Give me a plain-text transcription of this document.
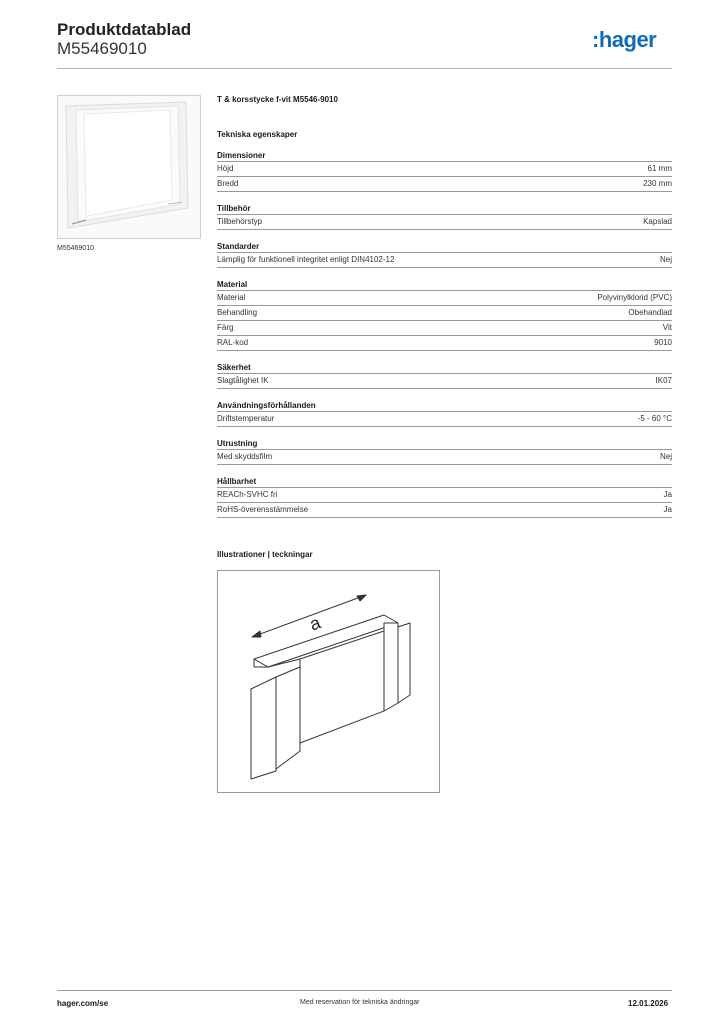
Produktdatablad
M55469010	:hager
M55469010
T & korsstycke f-vit M5546-9010
Tekniska egenskaper
Dimensioner
Höjd	61 mm
Bredd	230 mm
Tillbehör
Tillbehörstyp	Kapslad
Standarder
Lämplig för funktionell integritet enligt DIN4102-12	Nej
Material
Material	Polyvinylklorid (PVC)
Behandling	Obehandlad
Färg	Vit
RAL-kod	9010
Säkerhet
Slagtålighet IK	IK07
Användningsförhållanden
Driftstemperatur	-5 - 60 °C
Utrustning
Med skyddsfilm	Nej
Hållbarhet
REACh-SVHC fri	Ja
RoHS-överensstämmelse	Ja
Illustrationer | teckningar
a
hager.com/se	Med reservation för tekniska ändringar	12.01.2026
